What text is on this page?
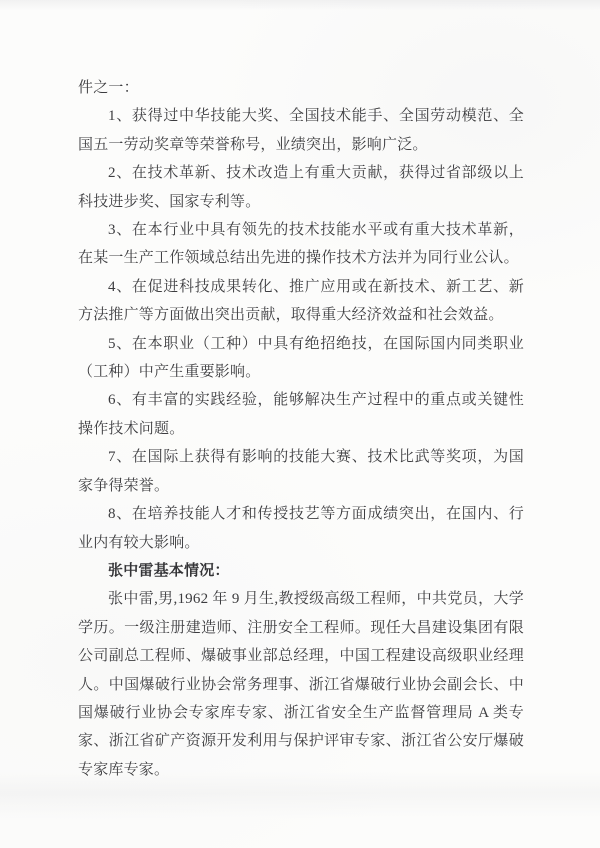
件之一：

1、获得过中华技能大奖、全国技术能手、全国劳动模范、全国五一劳动奖章等荣誉称号，业绩突出，影响广泛。

2、在技术革新、技术改造上有重大贡献，获得过省部级以上科技进步奖、国家专利等。

3、在本行业中具有领先的技术技能水平或有重大技术革新，在某一生产工作领域总结出先进的操作技术方法并为同行业公认。

4、在促进科技成果转化、推广应用或在新技术、新工艺、新方法推广等方面做出突出贡献，取得重大经济效益和社会效益。

5、在本职业（工种）中具有绝招绝技，在国际国内同类职业（工种）中产生重要影响。

6、有丰富的实践经验，能够解决生产过程中的重点或关键性操作技术问题。

7、在国际上获得有影响的技能大赛、技术比武等奖项，为国家争得荣誉。

8、在培养技能人才和传授技艺等方面成绩突出，在国内、行业内有较大影响。

张中雷基本情况：

张中雷,男,1962 年 9 月生,教授级高级工程师，中共党员，大学学历。一级注册建造师、注册安全工程师。现任大昌建设集团有限公司副总工程师、爆破事业部总经理，中国工程建设高级职业经理人。中国爆破行业协会常务理事、浙江省爆破行业协会副会长、中国爆破行业协会专家库专家、浙江省安全生产监督管理局 A 类专家、浙江省矿产资源开发利用与保护评审专家、浙江省公安厅爆破专家库专家。
